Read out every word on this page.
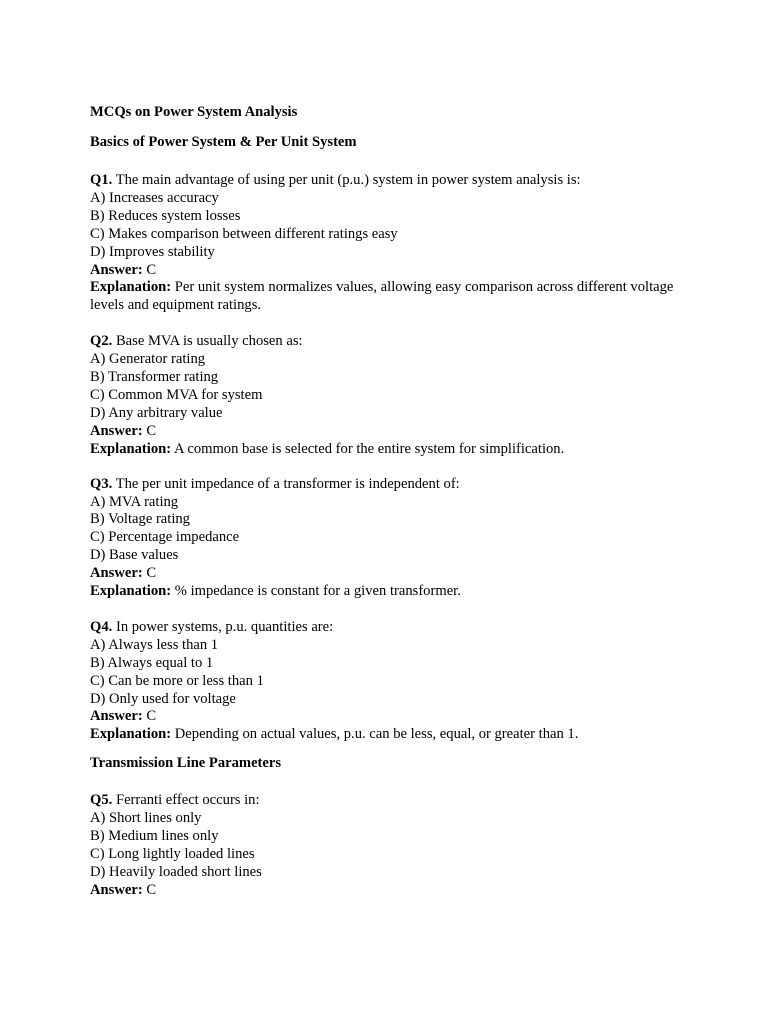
MCQs on Power System Analysis
Basics of Power System & Per Unit System
Q1. The main advantage of using per unit (p.u.) system in power system analysis is:
A) Increases accuracy
B) Reduces system losses
C) Makes comparison between different ratings easy
D) Improves stability
Answer: C
Explanation: Per unit system normalizes values, allowing easy comparison across different voltage levels and equipment ratings.
Q2. Base MVA is usually chosen as:
A) Generator rating
B) Transformer rating
C) Common MVA for system
D) Any arbitrary value
Answer: C
Explanation: A common base is selected for the entire system for simplification.
Q3. The per unit impedance of a transformer is independent of:
A) MVA rating
B) Voltage rating
C) Percentage impedance
D) Base values
Answer: C
Explanation: % impedance is constant for a given transformer.
Q4. In power systems, p.u. quantities are:
A) Always less than 1
B) Always equal to 1
C) Can be more or less than 1
D) Only used for voltage
Answer: C
Explanation: Depending on actual values, p.u. can be less, equal, or greater than 1.
Transmission Line Parameters
Q5. Ferranti effect occurs in:
A) Short lines only
B) Medium lines only
C) Long lightly loaded lines
D) Heavily loaded short lines
Answer: C
